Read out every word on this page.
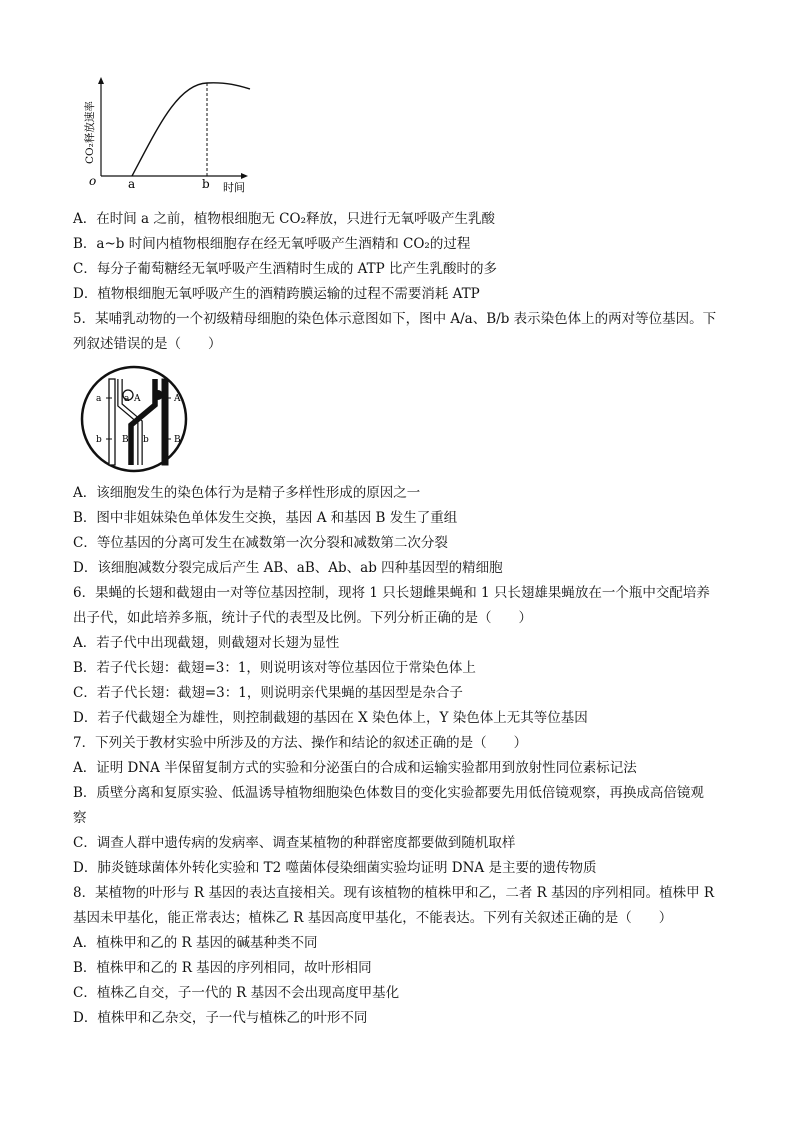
o	a	b 时间
CO₂释放速率
A．在时间 a 之前，植物根细胞无 CO₂释放，只进行无氧呼吸产生乳酸
B．a~b 时间内植物根细胞存在经无氧呼吸产生酒精和 CO₂的过程
C．每分子葡萄糖经无氧呼吸产生酒精时生成的 ATP 比产生乳酸时的多
D．植物根细胞无氧呼吸产生的酒精跨膜运输的过程不需要消耗 ATP
5．某哺乳动物的一个初级精母细胞的染色体示意图如下，图中 A/a、B/b 表示染色体上的两对等位基因。下
列叙述错误的是（　　）
a	a A	A
b B b	B
A．该细胞发生的染色体行为是精子多样性形成的原因之一
B．图中非姐妹染色单体发生交换，基因 A 和基因 B 发生了重组
C．等位基因的分离可发生在减数第一次分裂和减数第二次分裂
D．该细胞减数分裂完成后产生 AB、aB、Ab、ab 四种基因型的精细胞
6．果蝇的长翅和截翅由一对等位基因控制，现将 1 只长翅雌果蝇和 1 只长翅雄果蝇放在一个瓶中交配培养
出子代，如此培养多瓶，统计子代的表型及比例。下列分析正确的是（　　）
A．若子代中出现截翅，则截翅对长翅为显性
B．若子代长翅：截翅=3：1，则说明该对等位基因位于常染色体上
C．若子代长翅：截翅=3：1，则说明亲代果蝇的基因型是杂合子
D．若子代截翅全为雄性，则控制截翅的基因在 X 染色体上，Y 染色体上无其等位基因
7．下列关于教材实验中所涉及的方法、操作和结论的叙述正确的是（　　）
A．证明 DNA 半保留复制方式的实验和分泌蛋白的合成和运输实验都用到放射性同位素标记法
B．质壁分离和复原实验、低温诱导植物细胞染色体数目的变化实验都要先用低倍镜观察，再换成高倍镜观
察
C．调查人群中遗传病的发病率、调查某植物的种群密度都要做到随机取样
D．肺炎链球菌体外转化实验和 T2 噬菌体侵染细菌实验均证明 DNA 是主要的遗传物质
8．某植物的叶形与 R 基因的表达直接相关。现有该植物的植株甲和乙，二者 R 基因的序列相同。植株甲 R
基因未甲基化，能正常表达；植株乙 R 基因高度甲基化，不能表达。下列有关叙述正确的是（　　）
A．植株甲和乙的 R 基因的碱基种类不同
B．植株甲和乙的 R 基因的序列相同，故叶形相同
C．植株乙自交，子一代的 R 基因不会出现高度甲基化
D．植株甲和乙杂交，子一代与植株乙的叶形不同
